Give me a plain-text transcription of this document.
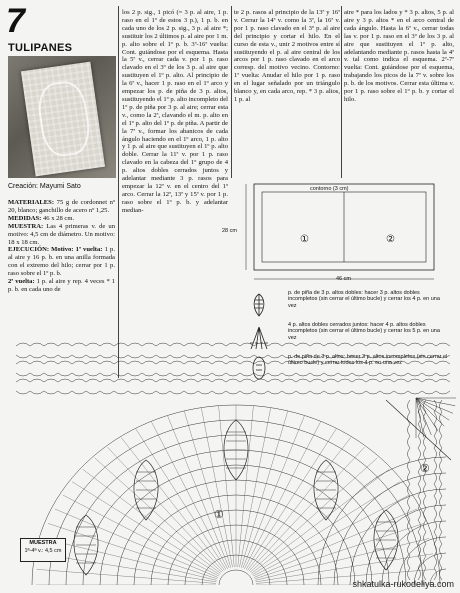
7
TULIPANES
Creación: Mayumi Sato
MATERIALES: 75 g de cordonnet nº 20, blanco; ganchillo de acero nº 1,25.
MEDIDAS: 46 x 28 cm.
MUESTRA: Las 4 primeras v. de un motivo: 4,5 cm de diámetro. Un motivo: 18 x 18 cm.
EJECUCIÓN: Motivo: 1ª vuelta: 1 p. al aire y 16 p. b. en una anilla formada con el extremo del hilo; cerrar por 1 p. raso sobre el 1º p. b.
2ª vuelta: 1 p. al aire y rep. 4 veces * 1 p. b. en cada uno de
los 2 p. sig., 1 picó (= 3 p. al aire, 1 p. raso en el 1º de estos 3 p.), 1 p. b. en cada uno de los 2 p. sig., 3 p. al aire *; sustituir los 2 últimos p. al aire por 1 m. p. alto sobre el 1º p. b. 3ª-16ª vuelta: Cont. guiándose por el esquema. Hasta la 5ª v., cerrar cada v. por 1 p. raso clavado en el 3º de los 3 p. al aire que sustituyen el 1º p. alto. Al principio de la 6ª v., hacer 1 p. raso en el 1º arco y empezar los p. de piña de 3 p. altos, sustituyendo el 1º p. alto incompleto del 1º p. de piña por 3 p. al aire; cerrar esta v., como la 2ª, clavando el m. p. alto en el 1º p. alto del 1º p. de piña. A partir de la 7ª v., formar los abanicos de cada ángulo haciendo en el 1º arco, 1 p. alto y 1 p. al aire que sustituyen el 1º p. alto doble. Cerrar la 11ª v. por 1 p. raso clavado en la cabeza del 1º grupo de 4 p. altos dobles cerrados juntos y adelantar mediante 3 p. rasos para empezar la 12ª v. en el centro del 1º arco. Cerrar la 12ª, 13ª y 15ª v. por 1 p. raso sobre el 1º p. b. y adelantar median-
te 2 p. rasos al principio de la 13ª y 16ª v. Cerrar la 14ª v. como la 3ª, la 16ª v. por 1 p. raso clavado en el 3º p. al aire del principio y cortar el hilo. En el curso de esta v., unir 2 motivos entre sí sustituyendo el p. al aire central de los arcos por 1 p. raso clavado en el arco corresp. del motivo vecino. Contorno: 1ª vuelta: Anudar el hilo por 1 p. raso en el lugar señalado por un triángulo blanco y, en cada arco, rep. * 3 p. altos, 1 p. al
aire * para los lados y * 3 p. altos, 5 p. al aire y 3 p. altos * en el arco central de cada ángulo. Hasta la 6ª v., cerrar todas las v. por 1 p. raso en el 3º de los 3 p. al aire que sustituyen el 1º p. alto, adelantando mediante p. rasos hasta la 4ª v. tal como indica el esquema. 2ª-7ª vuelta: Cont. guiándose por el esquema, trabajando los picos de la 7ª v. sobre los p. b. de los motivos. Cerrar esta última v. por 1 p. raso sobre el 1º p. b. y cortar el hilo.
contorno (3 cm)
28 cm
46 cm
①	②
p. de piña de 3 p. altos dobles: hacer 3 p. altos dobles incompletos (sin cerrar el último bucle) y cerrar los 4 p. en una vez
4 p. altos dobles cerrados juntos: hacer 4 p. altos dobles incompletos (sin cerrar el último bucle) y cerrar los 5 p. en una vez
p. de piña de 3 p. altos: hacer 3 p. altos incompletos (sin cerrar el último bucle) y cerrar todos los 4 p. en una vez
①
②
MUESTRA
1ª-4ª v.: 4,5 cm
shkatulka-rukodeliya.com
